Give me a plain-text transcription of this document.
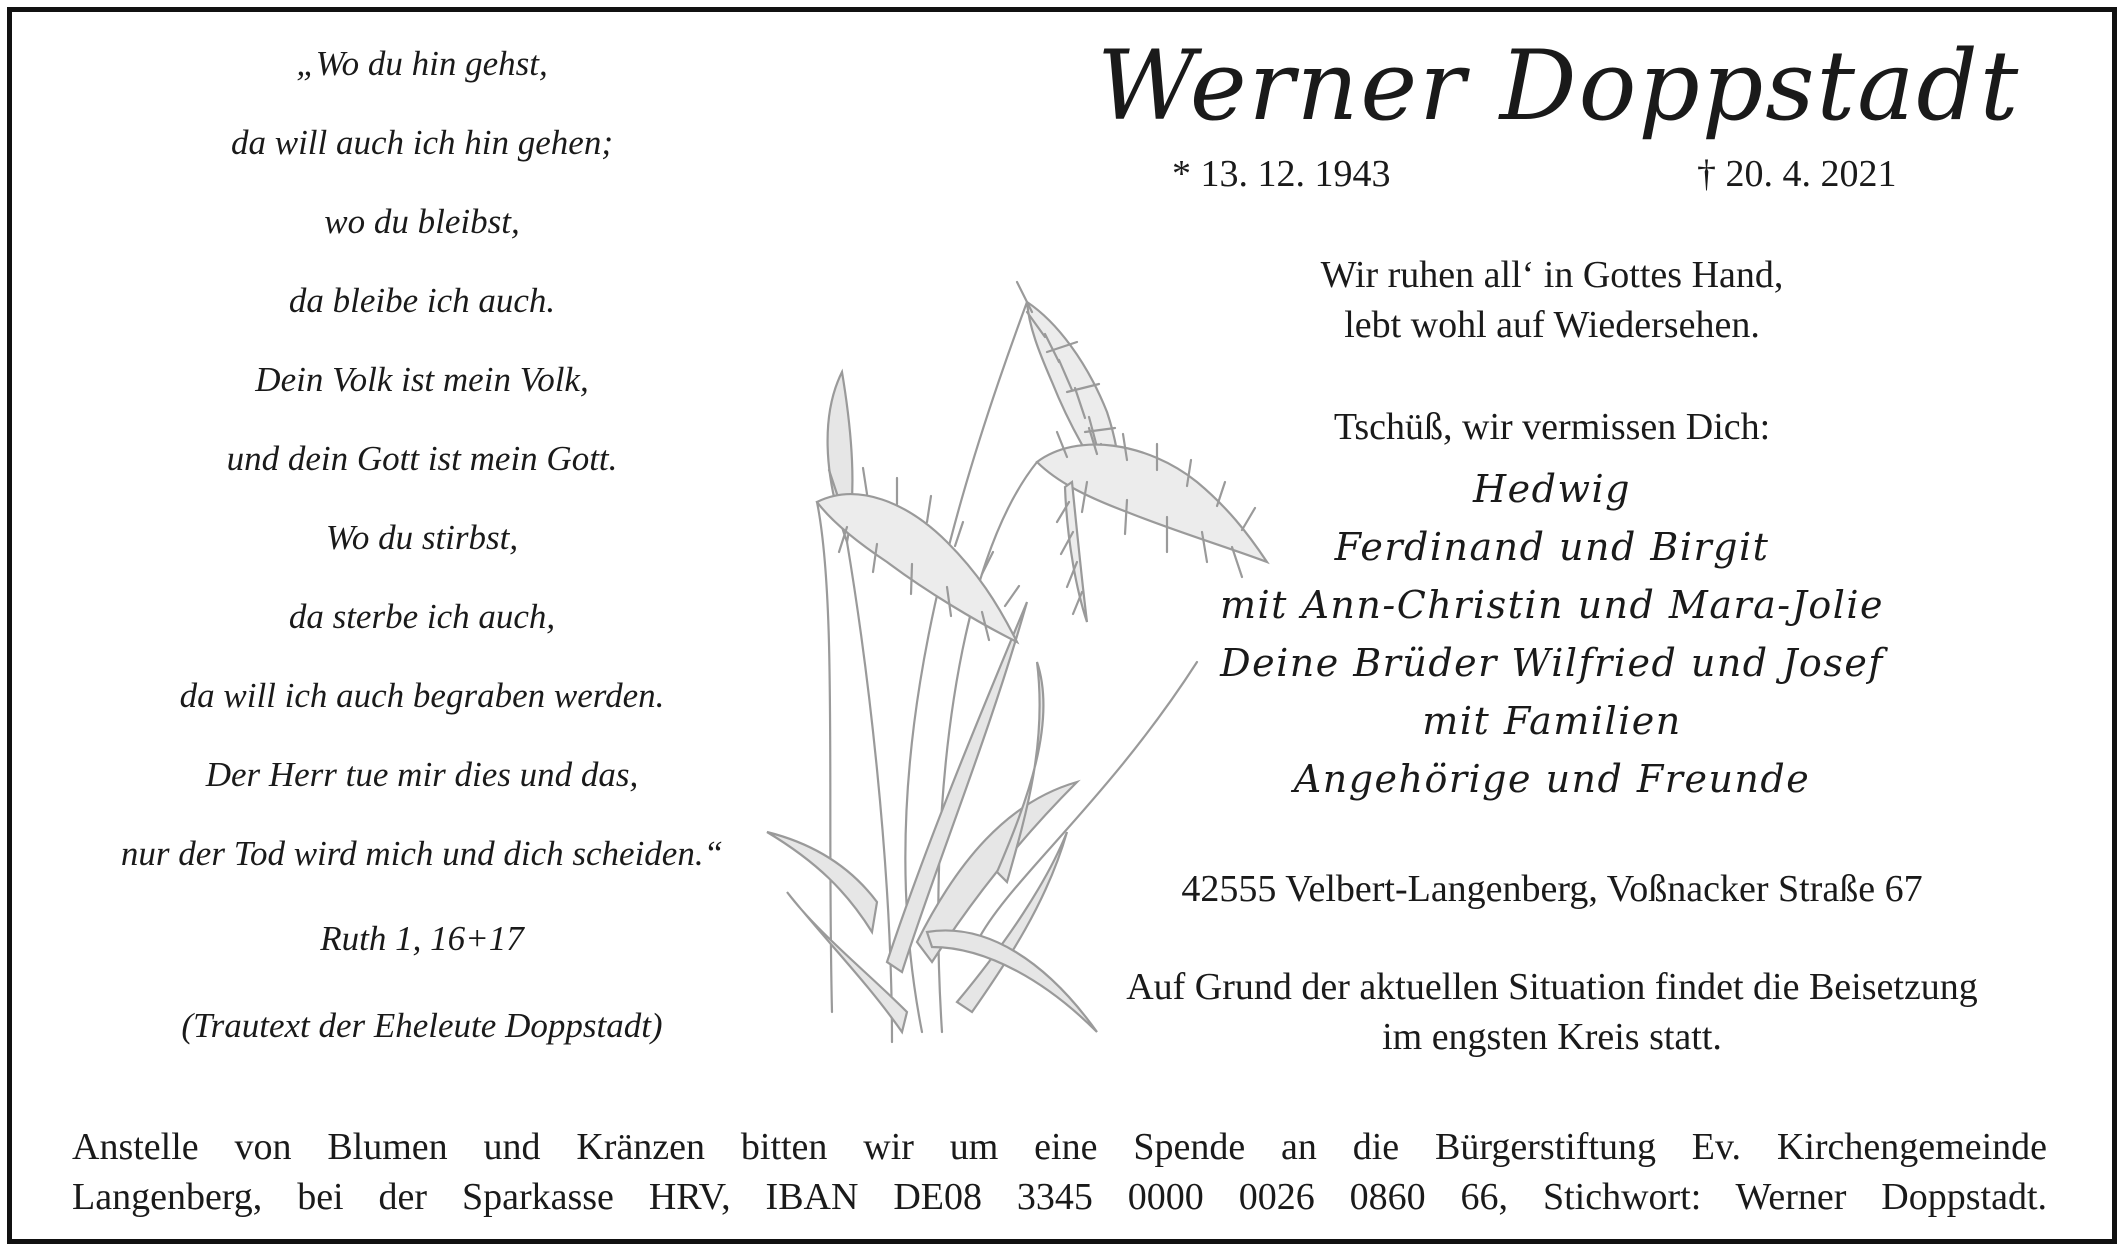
„Wo du hin gehst,
da will auch ich hin gehen;
wo du bleibst,
da bleibe ich auch.
Dein Volk ist mein Volk,
und dein Gott ist mein Gott.
Wo du stirbst,
da sterbe ich auch,
da will ich auch begraben werden.
Der Herr tue mir dies und das,
nur der Tod wird mich und dich scheiden.“
Ruth 1, 16+17
(Trautext der Eheleute Doppstadt)
Werner Doppstadt
* 13. 12. 1943	† 20. 4. 2021
Wir ruhen all‘ in Gottes Hand,
lebt wohl auf Wiedersehen.
Tschüß, wir vermissen Dich:
Hedwig
Ferdinand und Birgit
mit Ann-Christin und Mara-Jolie
Deine Brüder Wilfried und Josef
mit Familien
Angehörige und Freunde
42555 Velbert-Langenberg, Voßnacker Straße 67
Auf Grund der aktuellen Situation findet die Beisetzung
im engsten Kreis statt.
Anstelle von Blumen und Kränzen bitten wir um eine Spende an die Bürgerstiftung Ev. Kirchengemeinde
Langenberg, bei der Sparkasse HRV, IBAN DE08 3345 0000 0026 0860 66, Stichwort: Werner Doppstadt.
